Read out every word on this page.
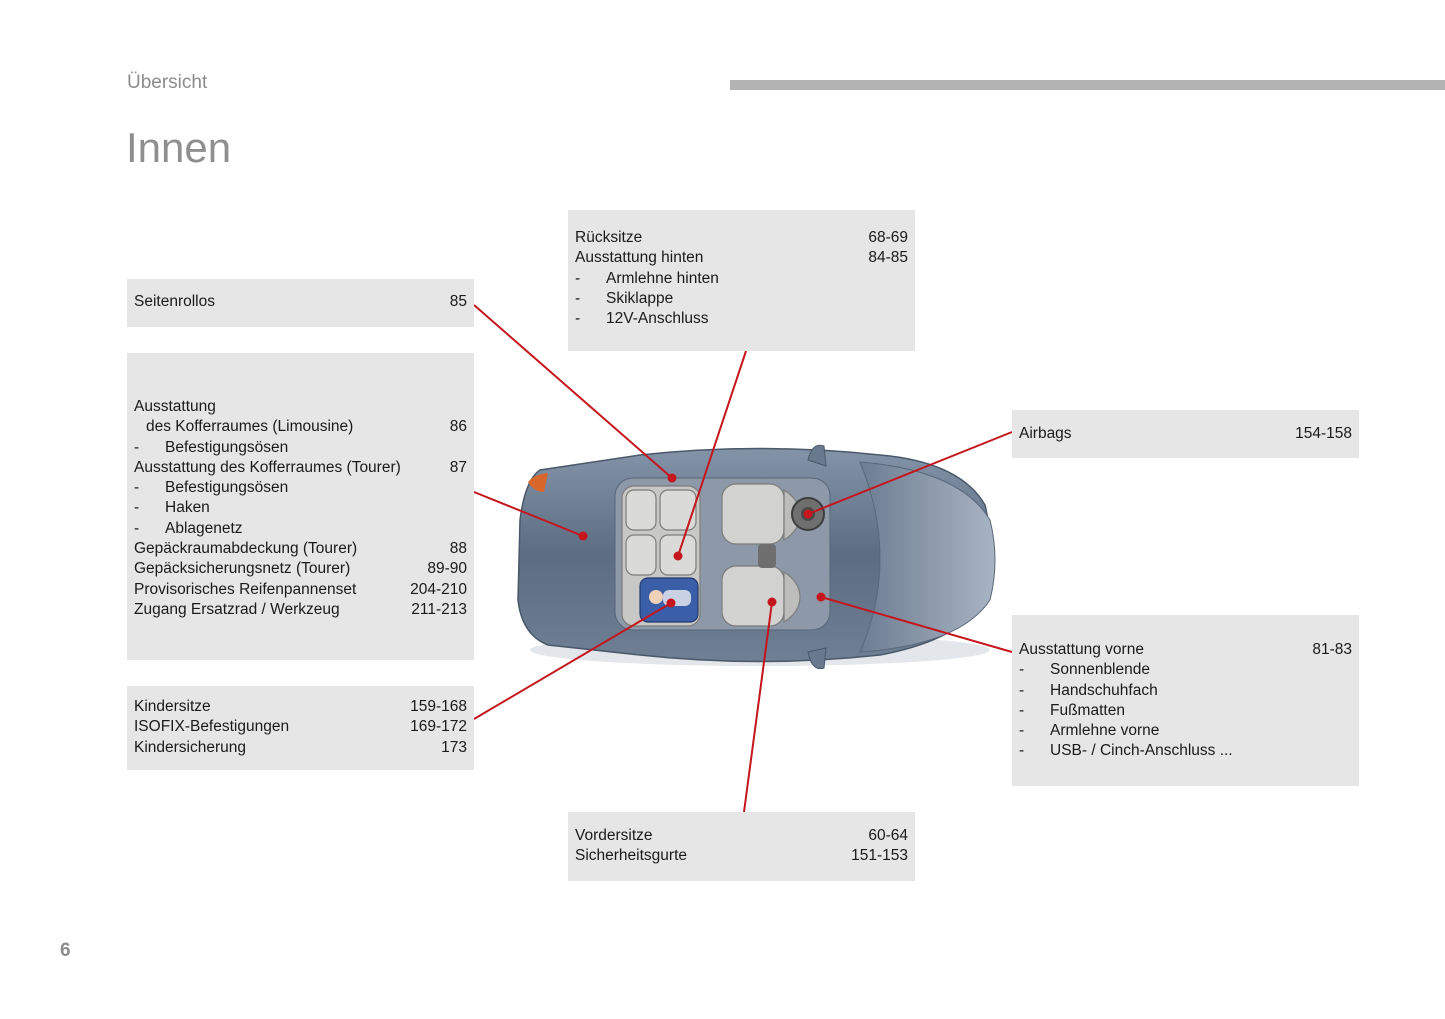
Übersicht
Innen
Seitenrollos	85
Ausstattung
des Kofferraumes (Limousine)	86
- Befestigungsösen
Ausstattung des Kofferraumes (Tourer)	87
- Befestigungsösen
- Haken
- Ablagenetz
Gepäckraumabdeckung (Tourer)	88
Gepäcksicherungsnetz (Tourer)	89-90
Provisorisches Reifenpannenset	204-210
Zugang Ersatzrad / Werkzeug	211-213
Kindersitze	159-168
ISOFIX-Befestigungen	169-172
Kindersicherung	173
Rücksitze	68-69
Ausstattung hinten	84-85
- Armlehne hinten
- Skiklappe
- 12V-Anschluss
Airbags	154-158
Ausstattung vorne	81-83
- Sonnenblende
- Handschuhfach
- Fußmatten
- Armlehne vorne
- USB- / Cinch-Anschluss ...
Vordersitze	60-64
Sicherheitsgurte	151-153
6
